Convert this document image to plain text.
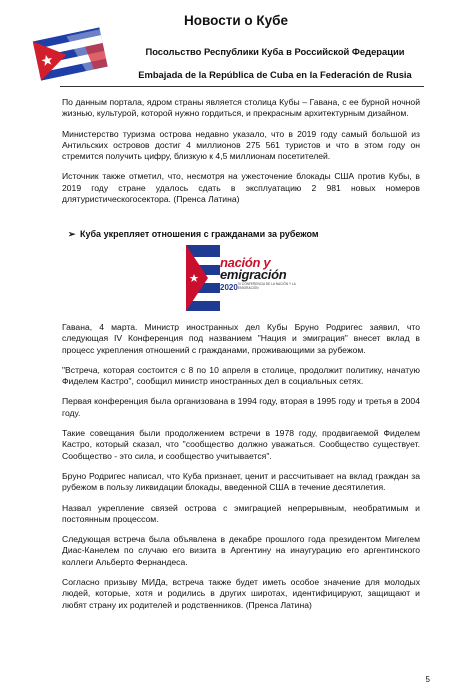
Новости о Кубе
Посольство Республики Куба в Российской Федерации
Embajada de la República de Cuba en la Federación de Rusia

По данным портала, ядром страны является столица Кубы – Гавана, с ее бурной ночной жизнью, культурой, которой нужно гордиться, и прекрасным архитектурным дизайном.

Министерство туризма острова недавно указало, что в 2019 году самый большой из Антильских островов достиг 4 миллионов 275 561 туристов и что в этом году он стремится получить цифру, близкую к 4,5 миллионам посетителей.

Источник также отметил, что, несмотря на ужесточение блокады США против Кубы, в 2019 году стране удалось сдать в эксплуатацию 2 981 новых номеров длятуристическогосектора. (Пренса Латина)

➢ Куба укрепляет отношения с гражданами за рубежом
nación y
emigración
2020 IV CONFERENCIA DE LA NACIÓN Y LA EMIGRACIÓN

Гавана, 4 марта. Министр иностранных дел Кубы Бруно Родригес заявил, что следующая IV Конференция под названием "Нация и эмиграция" внесет вклад в процесс укрепления отношений с гражданами, проживающими за рубежом.

"Встреча, которая состоится с 8 по 10 апреля в столице, продолжит политику, начатую Фиделем Кастро", сообщил министр иностранных дел в социальных сетях.

Первая конференция была организована в 1994 году, вторая в 1995 году и третья в 2004 году.

Такие совещания были продолжением встречи в 1978 году, продвигаемой Фиделем Кастро, который сказал, что "сообщество должно уважаться. Сообщество существует. Сообщество - это сила, и сообщество учитывается".

Бруно Родригес написал, что Куба признает, ценит и рассчитывает на вклад граждан за рубежом в пользу ликвидации блокады, введенной США в течение десятилетия.

Назвал укрепление связей острова с эмиграцией непрерывным, необратимым и постоянным процессом.

Следующая встреча была объявлена в декабре прошлого года президентом Мигелем Диас-Канелем по случаю его визита в Аргентину на инаугурацию его аргентинского коллеги Альберто Фернандеса.

Согласно призыву МИДа, встреча также будет иметь особое значение для молодых людей, которые, хотя и родились в других широтах, идентифицируют, защищают и любят страну их родителей и родственников. (Пренса Латина)

5
